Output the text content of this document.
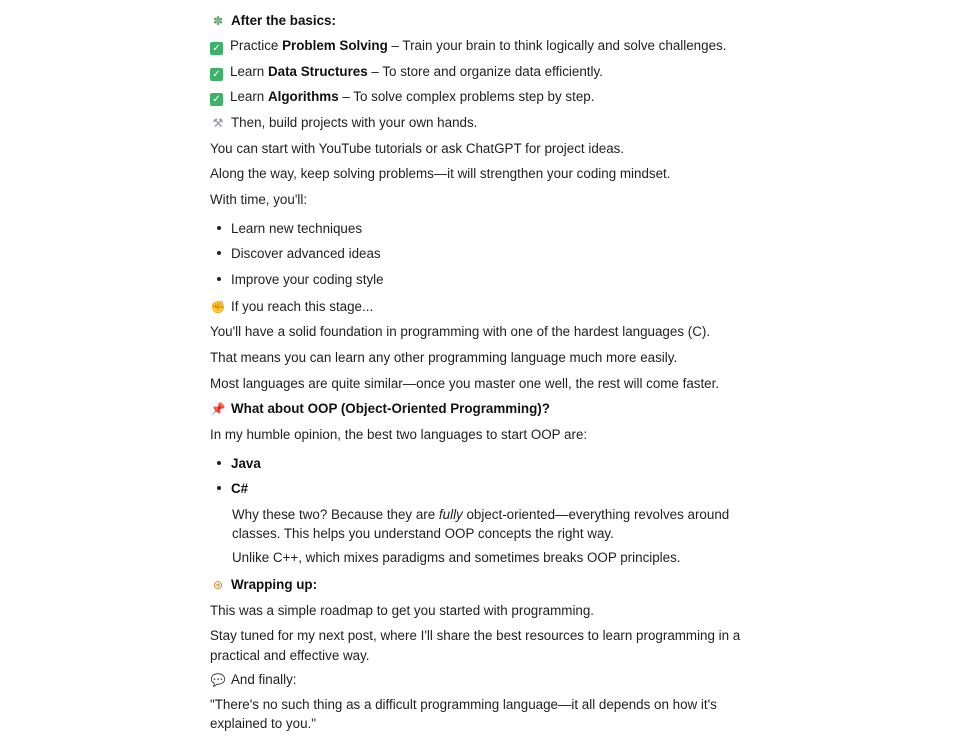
✽ After the basics:
✓ Practice Problem Solving – Train your brain to think logically and solve challenges.
✓ Learn Data Structures – To store and organize data efficiently.
✓ Learn Algorithms – To solve complex problems step by step.
⚒ Then, build projects with your own hands.
You can start with YouTube tutorials or ask ChatGPT for project ideas.
Along the way, keep solving problems—it will strengthen your coding mindset.
With time, you'll:
Learn new techniques
Discover advanced ideas
Improve your coding style
✊ If you reach this stage...
You'll have a solid foundation in programming with one of the hardest languages (C).
That means you can learn any other programming language much more easily.
Most languages are quite similar—once you master one well, the rest will come faster.
📌 What about OOP (Object-Oriented Programming)?
In my humble opinion, the best two languages to start OOP are:
Java
C#
Why these two? Because they are fully object-oriented—everything revolves around classes. This helps you understand OOP concepts the right way.
Unlike C++, which mixes paradigms and sometimes breaks OOP principles.
⊛ Wrapping up:
This was a simple roadmap to get you started with programming.
Stay tuned for my next post, where I'll share the best resources to learn programming in a practical and effective way.
💬 And finally:
"There's no such thing as a difficult programming language—it all depends on how it's explained to you."
